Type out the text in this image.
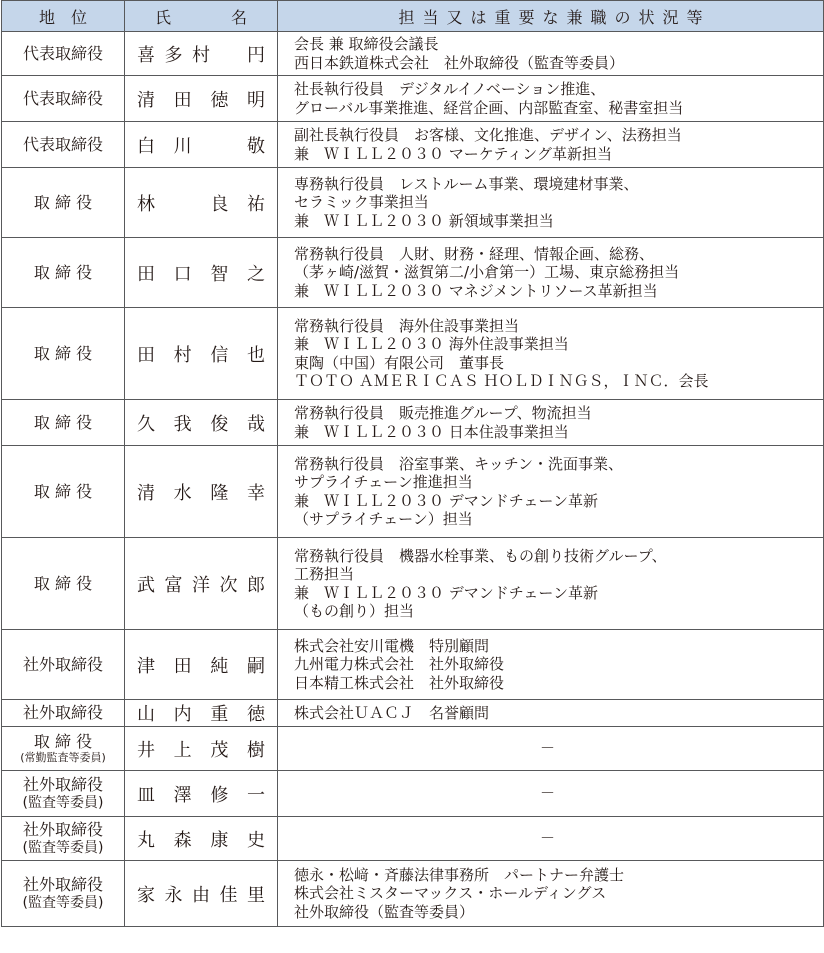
地位	氏 名	担当又は重要な兼職の状況等

代表取締役	喜 多 村 円	会長 兼 取締役会議長
西日本鉄道株式会社　社外取締役（監査等委員）

代表取締役	清 田 徳 明	社長執行役員　デジタルイノベーション推進、
グローバル事業推進、経営企画、内部監査室、秘書室担当

代表取締役	白 川 敬	副社長執行役員　お客様、文化推進、デザイン、法務担当
兼　ＷＩＬＬ２０３０ マーケティング革新担当

取 締 役	林 良 祐	専務執行役員　レストルーム事業、環境建材事業、
セラミック事業担当
兼　ＷＩＬＬ２０３０ 新領域事業担当

取 締 役	田 口 智 之	常務執行役員　人財、財務・経理、情報企画、総務、
（茅ヶ崎/滋賀・滋賀第二/小倉第一）工場、東京総務担当
兼　ＷＩＬＬ２０３０ マネジメントリソース革新担当

取 締 役	田 村 信 也	常務執行役員　海外住設事業担当
兼　ＷＩＬＬ２０３０ 海外住設事業担当
東陶（中国）有限公司　董事長
ＴＯＴＯ ＡＭＥＲＩＣＡＳ ＨＯＬＤＩＮＧＳ，ＩＮＣ．会長

取 締 役	久 我 俊 哉	常務執行役員　販売推進グループ、物流担当
兼　ＷＩＬＬ２０３０ 日本住設事業担当

取 締 役	清 水 隆 幸	常務執行役員　浴室事業、キッチン・洗面事業、
サプライチェーン推進担当
兼　ＷＩＬＬ２０３０ デマンドチェーン革新
（サプライチェーン）担当

取 締 役	武 富 洋 次 郎	常務執行役員　機器水栓事業、もの創り技術グループ、
工務担当
兼　ＷＩＬＬ２０３０ デマンドチェーン革新
（もの創り）担当

社外取締役	津 田 純 嗣	株式会社安川電機　特別顧問
九州電力株式会社　社外取締役
日本精工株式会社　社外取締役

社外取締役	山 内 重 徳	株式会社ＵＡＣＪ　名誉顧問

取 締 役
(常勤監査等委員)	井 上 茂 樹	－

社外取締役
(監査等委員)	皿 澤 修 一	－

社外取締役
(監査等委員)	丸 森 康 史	－

社外取締役
(監査等委員)	家 永 由 佳 里	徳永・松﨑・斉藤法律事務所　パートナー弁護士
株式会社ミスターマックス・ホールディングス
社外取締役（監査等委員）
